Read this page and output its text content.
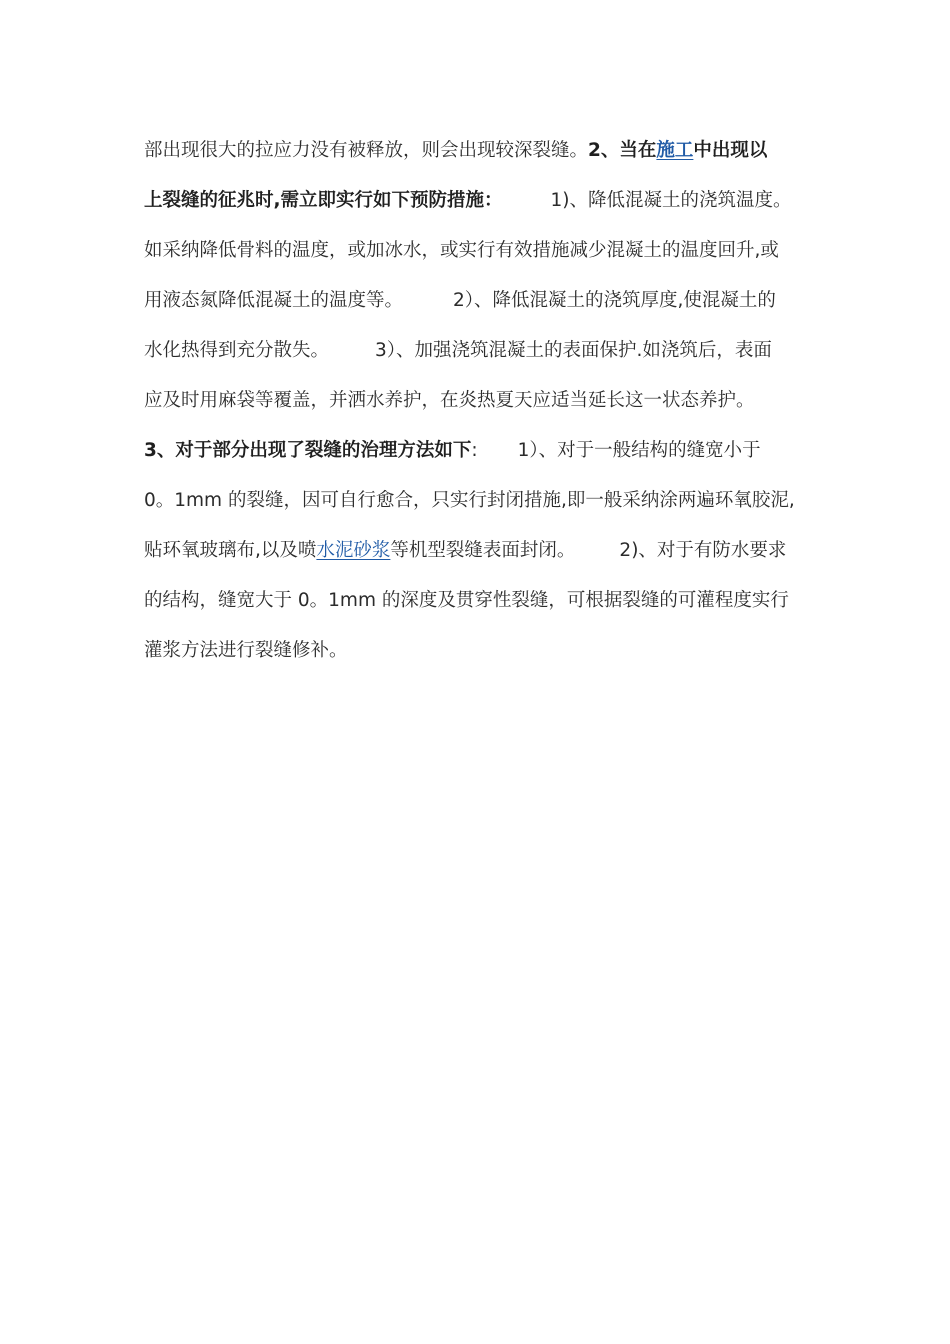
部出现很大的拉应力没有被释放，则会出现较深裂缝。2、当在施工中出现以
上裂缝的征兆时,需立即实行如下预防措施：	1)、降低混凝土的浇筑温度。
如采纳降低骨料的温度，或加冰水，或实行有效措施减少混凝土的温度回升,或
用液态氮降低混凝土的温度等。	2）、降低混凝土的浇筑厚度,使混凝土的
水化热得到充分散失。 3）、加强浇筑混凝土的表面保护.如浇筑后，表面
应及时用麻袋等覆盖，并洒水养护，在炎热夏天应适当延长这一状态养护。
3、对于部分出现了裂缝的治理方法如下: 1）、对于一般结构的缝宽小于
0。1mm 的裂缝，因可自行愈合，只实行封闭措施,即一般采纳涂两遍环氧胶泥,
贴环氧玻璃布,以及喷水泥砂浆等机型裂缝表面封闭。 2)、对于有防水要求
的结构，缝宽大于 0。1mm 的深度及贯穿性裂缝，可根据裂缝的可灌程度实行
灌浆方法进行裂缝修补。
